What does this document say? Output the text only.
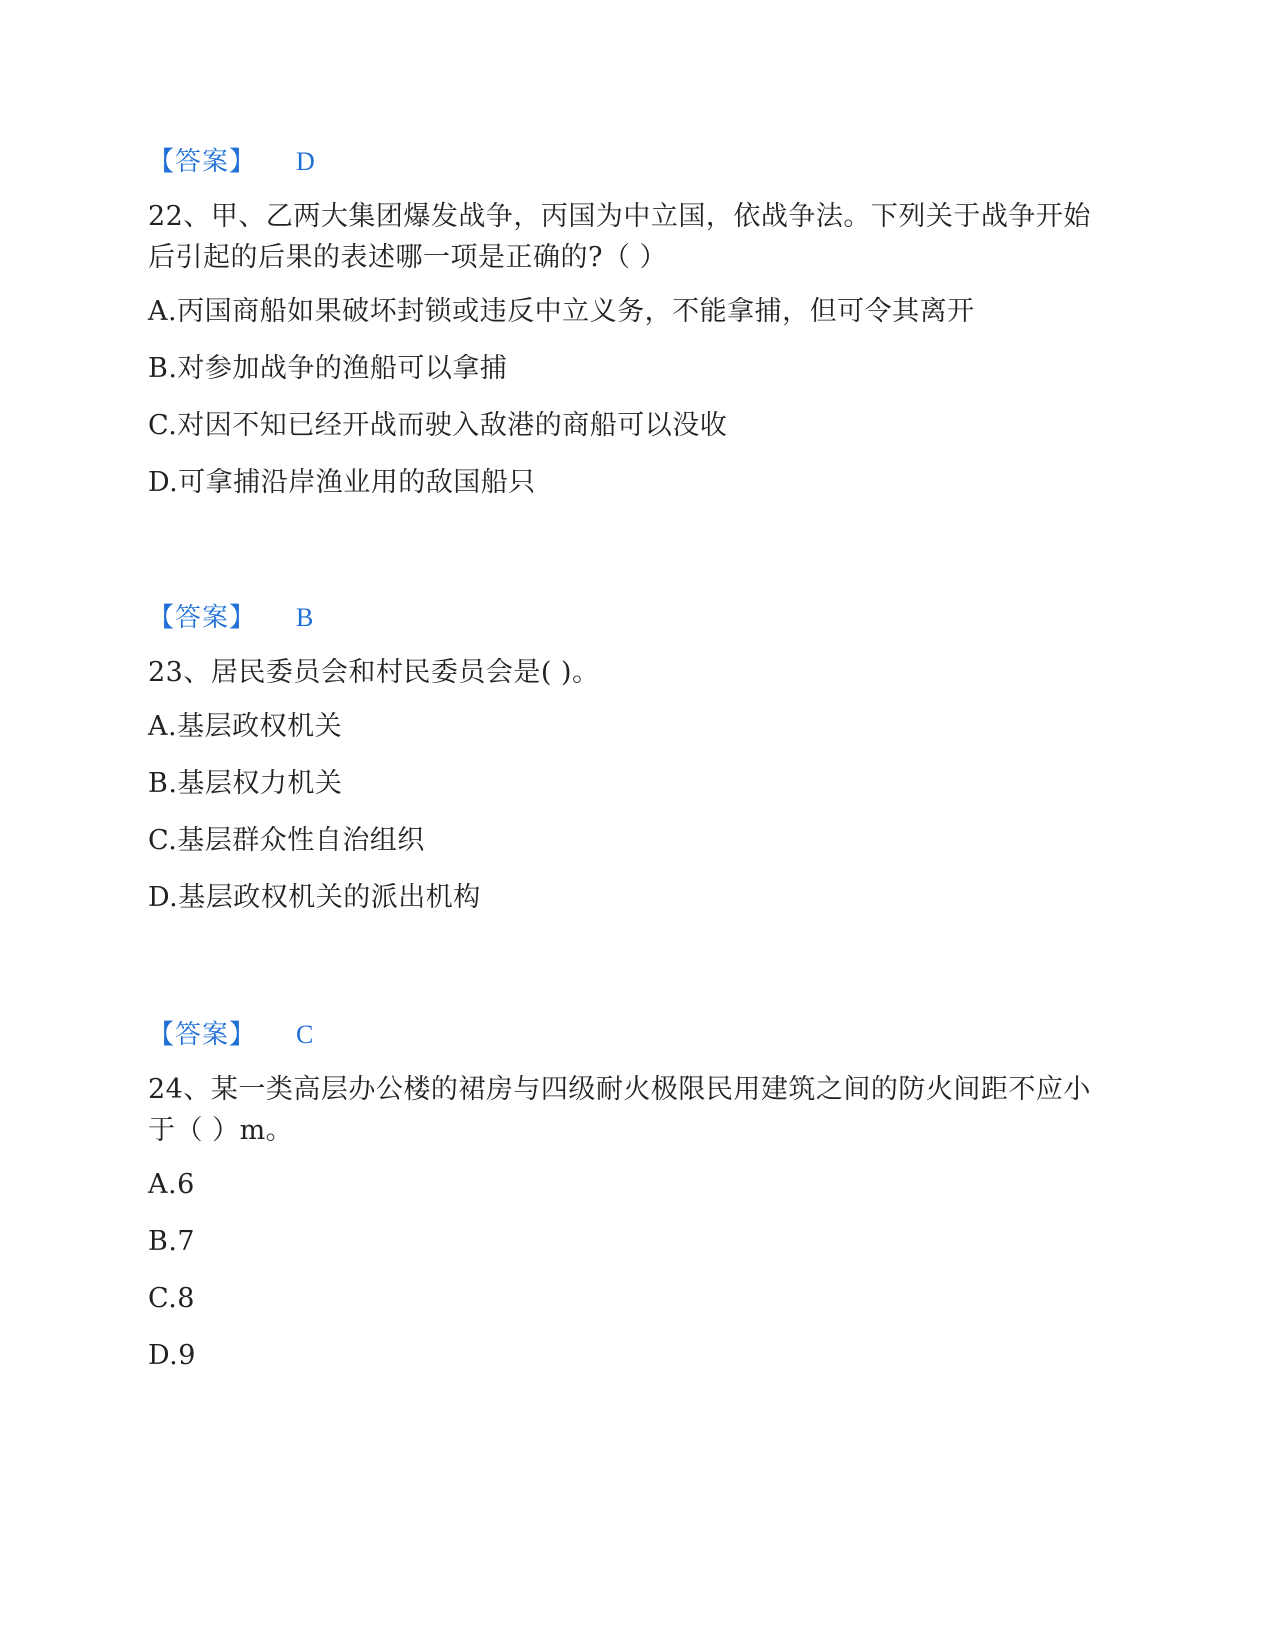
【答案】 D
22、甲、乙两大集团爆发战争，丙国为中立国，依战争法。下列关于战争开始后引起的后果的表述哪一项是正确的?（ ）
A.丙国商船如果破坏封锁或违反中立义务，不能拿捕，但可令其离开
B.对参加战争的渔船可以拿捕
C.对因不知已经开战而驶入敌港的商船可以没收
D.可拿捕沿岸渔业用的敌国船只
【答案】 B
23、居民委员会和村民委员会是( )。
A.基层政权机关
B.基层权力机关
C.基层群众性自治组织
D.基层政权机关的派出机构
【答案】 C
24、某一类高层办公楼的裙房与四级耐火极限民用建筑之间的防火间距不应小于（ ）m。
A.6
B.7
C.8
D.9
